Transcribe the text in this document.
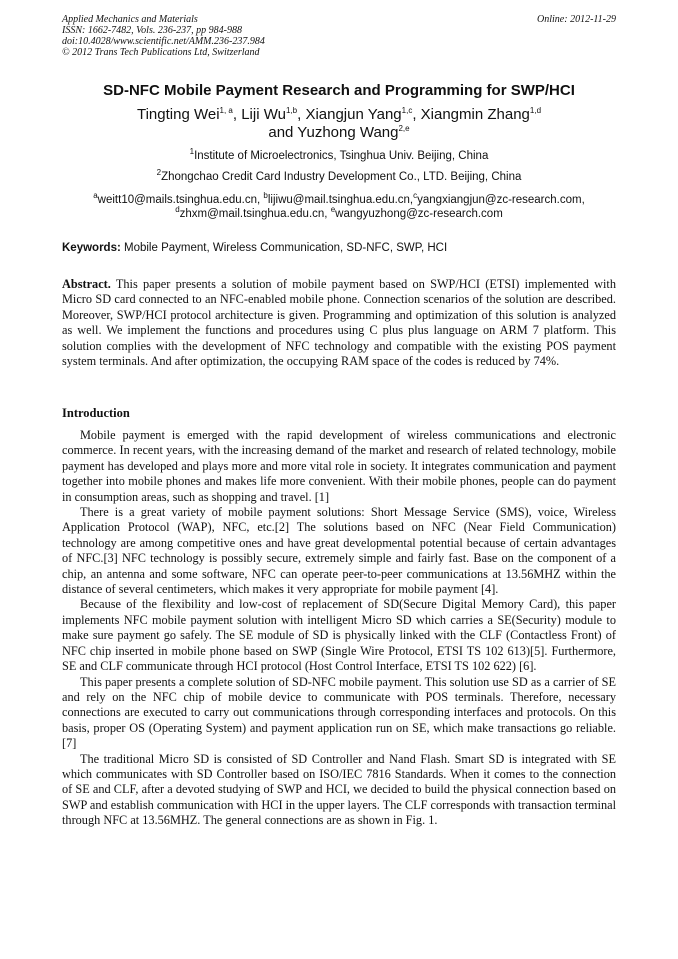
Applied Mechanics and Materials
ISSN: 1662-7482, Vols. 236-237, pp 984-988
doi:10.4028/www.scientific.net/AMM.236-237.984
© 2012 Trans Tech Publications Ltd, Switzerland
Online: 2012-11-29
SD-NFC Mobile Payment Research and Programming for SWP/HCI
Tingting Wei$^{1, a}$, Liji Wu$^{1,b}$, Xiangjun Yang$^{1,c}$, Xiangmin Zhang$^{1,d}$
and Yuzhong Wang$^{2,e}$
$^1$Institute of Microelectronics, Tsinghua Univ. Beijing, China
$^2$Zhongchao Credit Card Industry Development Co., LTD. Beijing, China
$^a$weitt10@mails.tsinghua.edu.cn, $^b$lijiwu@mail.tsinghua.edu.cn,$^c$yangxiangjun@zc-research.com,
$^d$zhxm@mail.tsinghua.edu.cn, $^e$wangyuzhong@zc-research.com
Keywords: Mobile Payment, Wireless Communication, SD-NFC, SWP, HCI

Abstract. This paper presents a solution of mobile payment based on SWP/HCI (ETSI) implemented with Micro SD card connected to an NFC-enabled mobile phone. Connection scenarios of the solution are described. Moreover, SWP/HCI protocol architecture is given. Programming and optimization of this solution is analyzed as well. We implement the functions and procedures using C plus plus language on ARM 7 platform. This solution complies with the development of NFC technology and compatible with the existing POS payment system terminals. And after optimization, the occupying RAM space of the codes is reduced by 74%.

Introduction

Mobile payment is emerged with the rapid development of wireless communications and electronic commerce. In recent years, with the increasing demand of the market and research of related technology, mobile payment has developed and plays more and more vital role in society. It integrates communication and payment together into mobile phones and makes life more convenient. With their mobile phones, people can do payment in consumption areas, such as shopping and travel. [1]

There is a great variety of mobile payment solutions: Short Message Service (SMS), voice, Wireless Application Protocol (WAP), NFC, etc.[2] The solutions based on NFC (Near Field Communication) technology are among competitive ones and have great developmental potential because of certain advantages of NFC.[3] NFC technology is possibly secure, extremely simple and fairly fast. Base on the component of a chip, an antenna and some software, NFC can operate peer-to-peer communications at 13.56MHZ within the distance of several centimeters, which makes it very appropriate for mobile payment [4].

Because of the flexibility and low-cost of replacement of SD(Secure Digital Memory Card), this paper implements NFC mobile payment solution with intelligent Micro SD which carries a SE(Security) module to make sure payment go safely. The SE module of SD is physically linked with the CLF (Contactless Front) of NFC chip inserted in mobile phone based on SWP (Single Wire Protocol, ETSI TS 102 613)[5]. Furthermore, SE and CLF communicate through HCI protocol (Host Control Interface, ETSI TS 102 622) [6].

This paper presents a complete solution of SD-NFC mobile payment. This solution use SD as a carrier of SE and rely on the NFC chip of mobile device to communicate with POS terminals. Therefore, necessary connections are executed to carry out communications through corresponding interfaces and protocols. On this basis, proper OS (Operating System) and payment application run on SE, which make transactions go reliable. [7]

The traditional Micro SD is consisted of SD Controller and Nand Flash. Smart SD is integrated with SE which communicates with SD Controller based on ISO/IEC 7816 Standards. When it comes to the connection of SE and CLF, after a devoted studying of SWP and HCI, we decided to build the physical connection based on SWP and establish communication with HCI in the upper layers. The CLF corresponds with transaction terminal through NFC at 13.56MHZ. The general connections are as shown in Fig. 1.
